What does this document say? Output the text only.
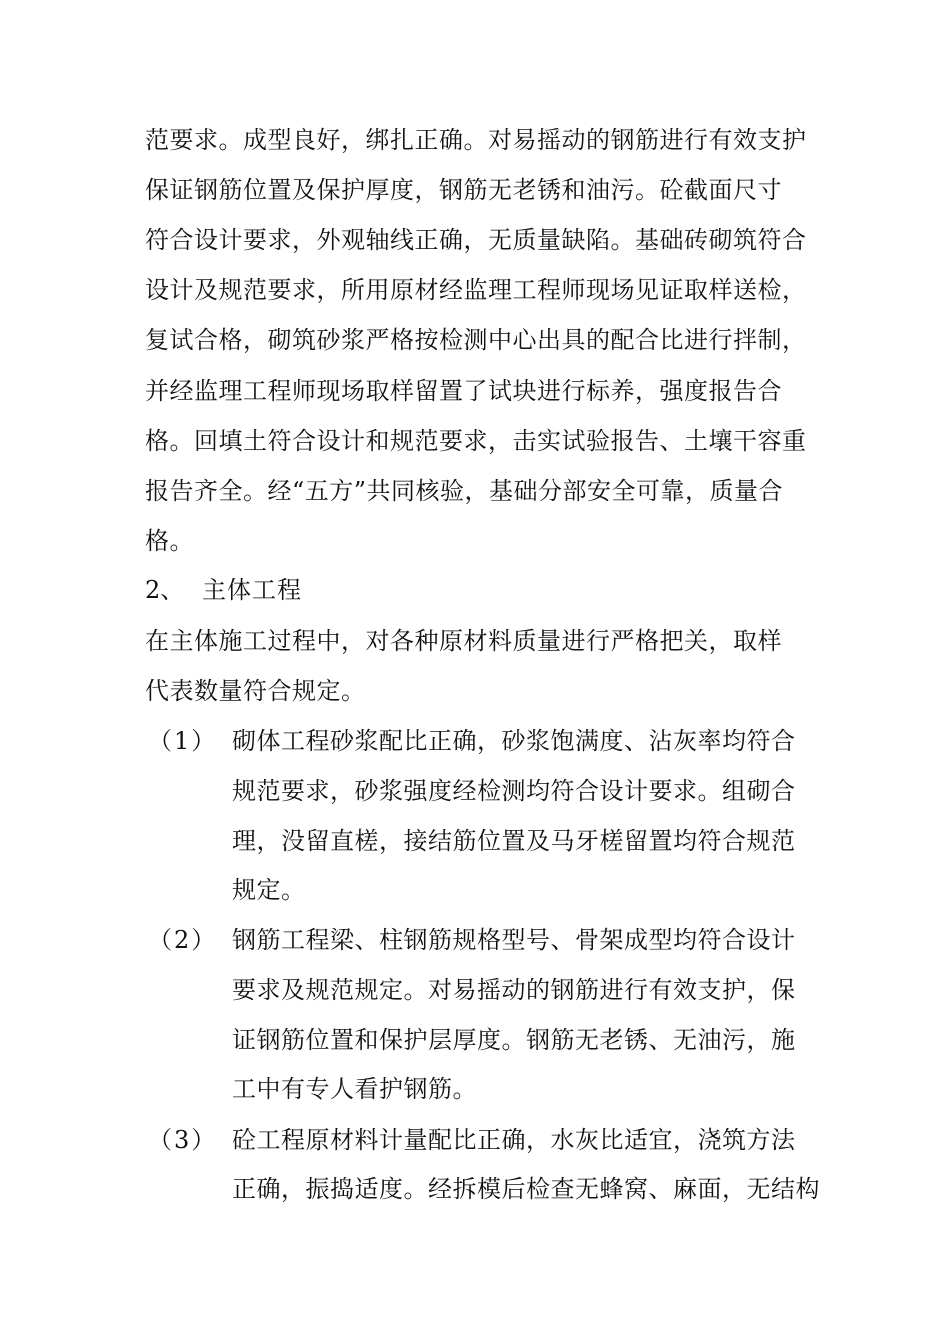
范要求。成型良好，绑扎正确。对易摇动的钢筋进行有效支护
保证钢筋位置及保护厚度，钢筋无老锈和油污。砼截面尺寸
符合设计要求，外观轴线正确，无质量缺陷。基础砖砌筑符合
设计及规范要求，所用原材经监理工程师现场见证取样送检，
复试合格，砌筑砂浆严格按检测中心出具的配合比进行拌制，
并经监理工程师现场取样留置了试块进行标养，强度报告合
格。回填土符合设计和规范要求，击实试验报告、土壤干容重
报告齐全。经“五方”共同核验，基础分部安全可靠，质量合
格。
2、 主体工程
在主体施工过程中，对各种原材料质量进行严格把关，取样
代表数量符合规定。
（1） 砌体工程砂浆配比正确，砂浆饱满度、沾灰率均符合
规范要求，砂浆强度经检测均符合设计要求。组砌合
理，没留直槎，接结筋位置及马牙槎留置均符合规范
规定。
（2） 钢筋工程梁、柱钢筋规格型号、骨架成型均符合设计
要求及规范规定。对易摇动的钢筋进行有效支护，保
证钢筋位置和保护层厚度。钢筋无老锈、无油污，施
工中有专人看护钢筋。
（3） 砼工程原材料计量配比正确，水灰比适宜，浇筑方法
正确，振捣适度。经拆模后检查无蜂窝、麻面，无结构
